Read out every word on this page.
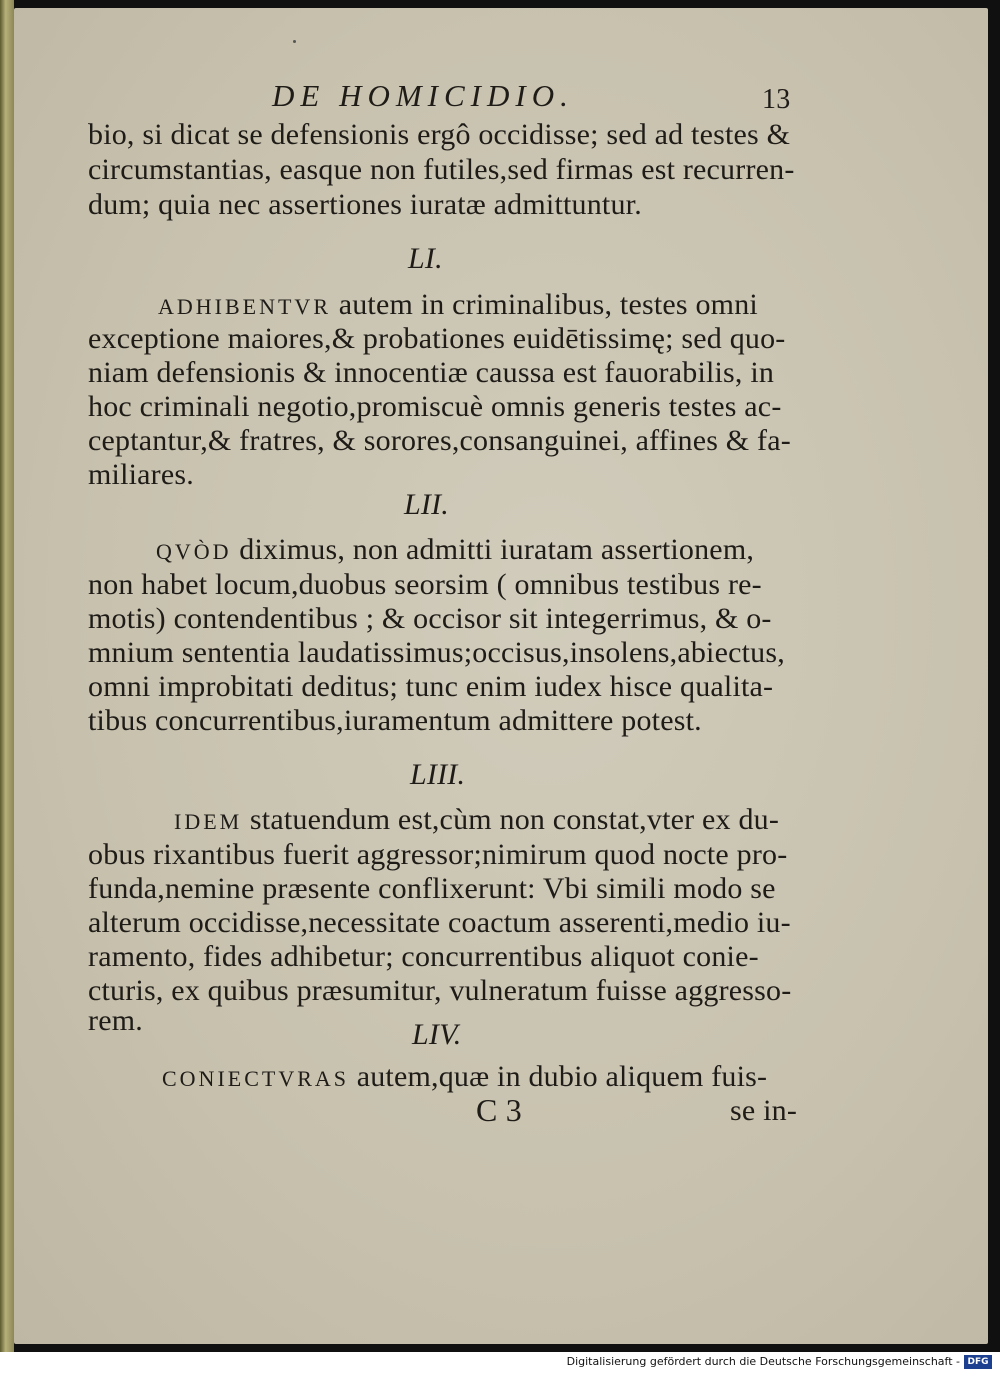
DE HOMICIDIO.	13
bio, si dicat se defensionis ergô occidisse; sed ad testes &
circumstantias, easque non futiles,sed firmas est recurren-
dum; quia nec assertiones iuratæ admittuntur.
LI.
ADHIBENTVR autem in criminalibus, testes omni
exceptione maiores,& probationes euidētissimę; sed quo-
niam defensionis & innocentiæ caussa est fauorabilis, in
hoc criminali negotio,promiscuè omnis generis testes ac-
ceptantur,& fratres, & sorores,consanguinei, affines & fa-
miliares.
LII.
QVÒD diximus, non admitti iuratam assertionem,
non habet locum,duobus seorsim ( omnibus testibus re-
motis) contendentibus ; & occisor sit integerrimus, & o-
mnium sententia laudatissimus;occisus,insolens,abiectus,
omni improbitati deditus; tunc enim iudex hisce qualita-
tibus concurrentibus,iuramentum admittere potest.
LIII.
IDEM statuendum est,cùm non constat,vter ex du-
obus rixantibus fuerit aggressor;nimirum quod nocte pro-
funda,nemine præsente conflixerunt: Vbi simili modo se
alterum occidisse,necessitate coactum asserenti,medio iu-
ramento, fides adhibetur; concurrentibus aliquot conie-
cturis, ex quibus præsumitur, vulneratum fuisse aggresso-
rem.	LIV.
CONIECTVRAS autem,quæ in dubio aliquem fuis-
C 3	se in-
Digitalisierung gefördert durch die Deutsche Forschungsgemeinschaft - DFG
